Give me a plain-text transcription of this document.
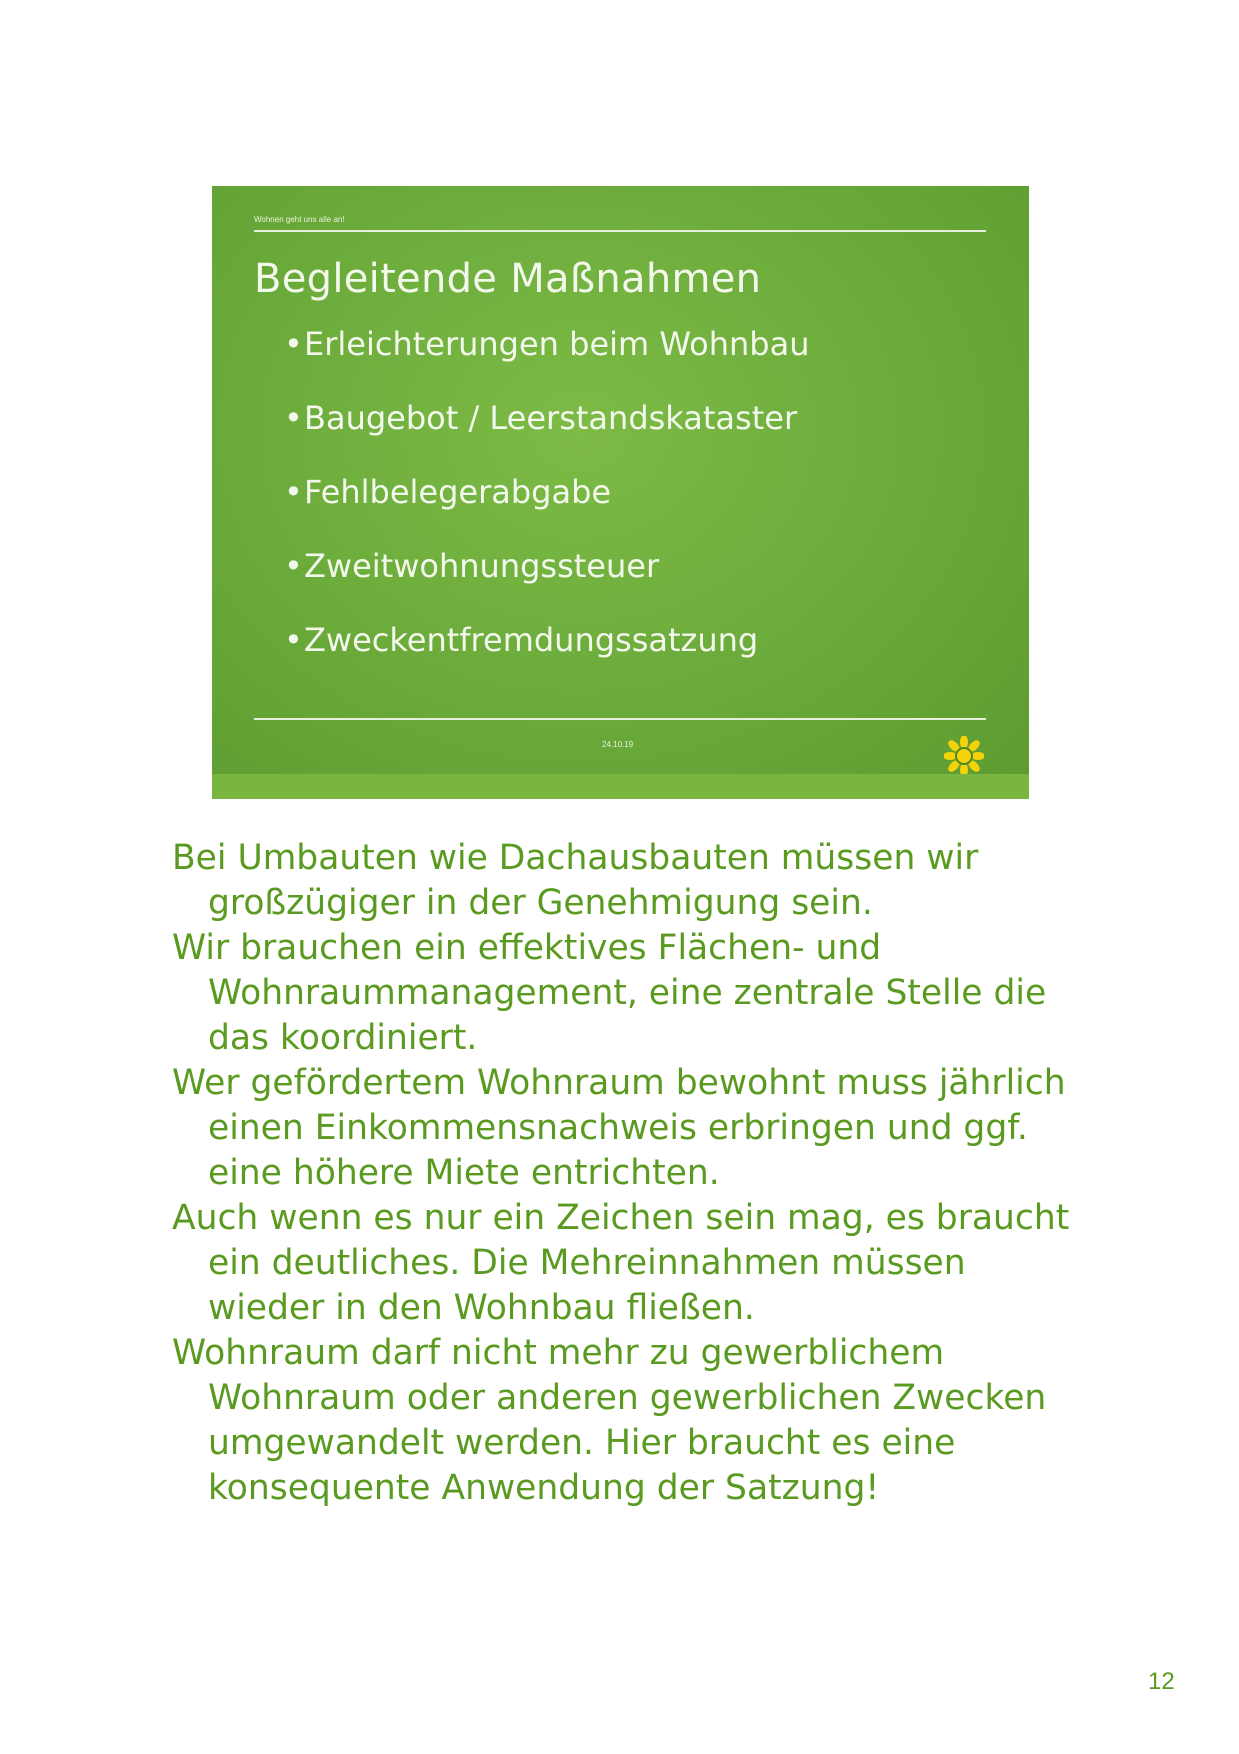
Wohnen geht uns alle an!
Begleitende Maßnahmen
•Erleichterungen beim Wohnbau
•Baugebot / Leerstandskataster
•Fehlbelegerabgabe
•Zweitwohnungssteuer
•Zweckentfremdungssatzung
24.10.19

Bei Umbauten wie Dachausbauten müssen wir großzügiger in der Genehmigung sein.

Wir brauchen ein effektives Flächen- und Wohnraummanagement, eine zentrale Stelle die das koordiniert.

Wer gefördertem Wohnraum bewohnt muss jährlich einen Einkommensnachweis erbringen und ggf. eine höhere Miete entrichten.

Auch wenn es nur ein Zeichen sein mag, es braucht ein deutliches. Die Mehreinnahmen müssen wieder in den Wohnbau fließen.

Wohnraum darf nicht mehr zu gewerblichem Wohnraum oder anderen gewerblichen Zwecken umgewandelt werden. Hier braucht es eine konsequente Anwendung der Satzung!

12
